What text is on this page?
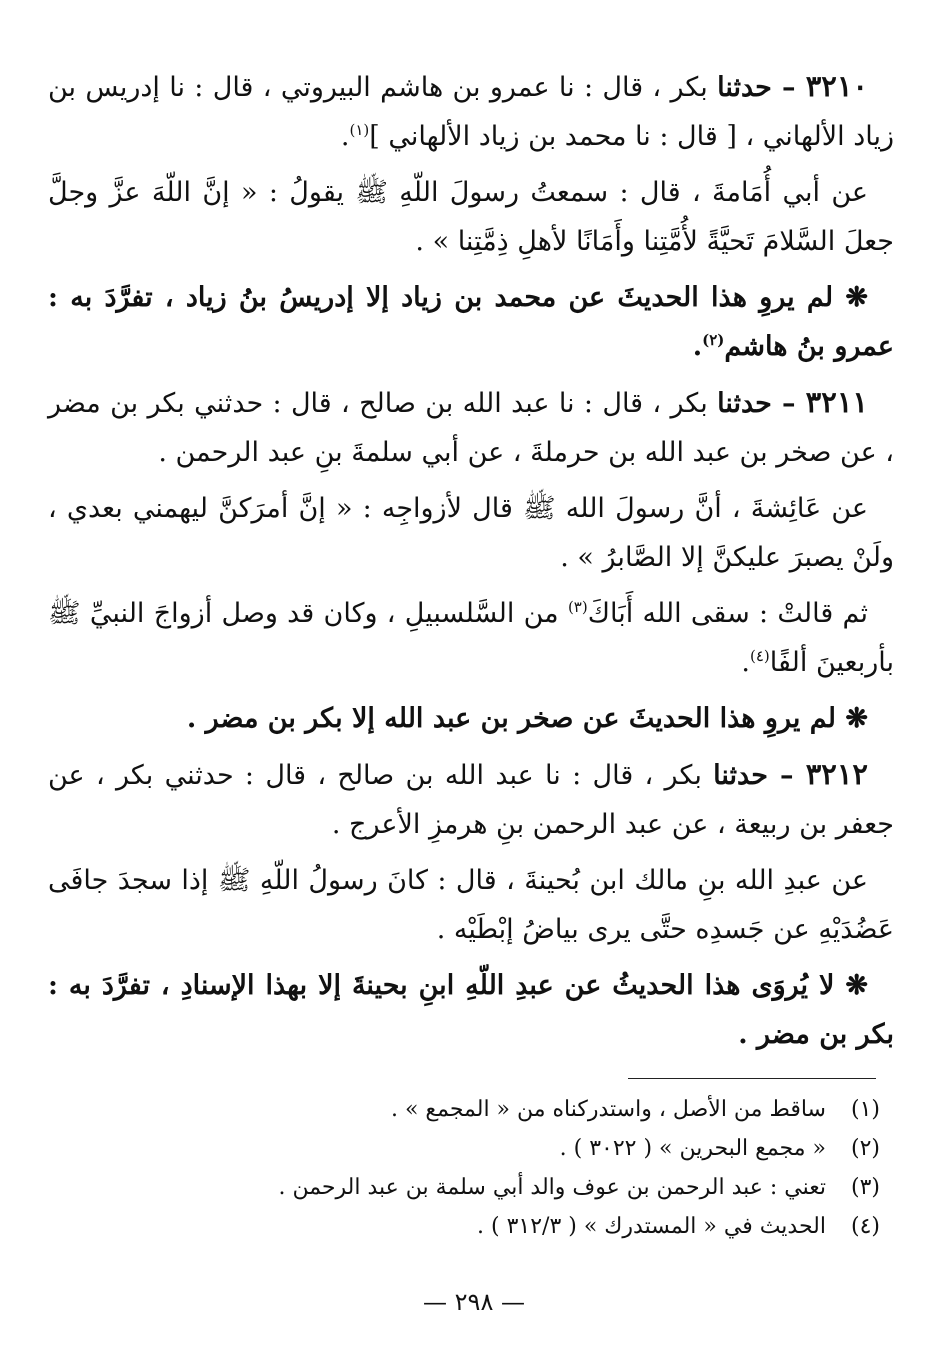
٣٢١٠ – حدثنا بكر ، قال : نا عمرو بن هاشم البيروتي ، قال : نا إدريس بن زياد الألهاني ، [ قال : نا محمد بن زياد الألهاني ]$^{(١)}$.

عن أبي أُمَامةَ ، قال : سمعتُ رسولَ اللّهِ ﷺ يقولُ : « إنَّ اللّهَ عزَّ وجلَّ جعلَ السَّلامَ تَحيَّةً لأُمَّتِنا وأَمَانًا لأهلِ ذِمَّتِنا » .

❋ لم يروِ هذا الحديثَ عن محمد بن زياد إلا إدريسُ بنُ زياد ، تفرَّدَ به : عمرو بنُ هاشم$^{(٢)}$.

٣٢١١ – حدثنا بكر ، قال : نا عبد الله بن صالح ، قال : حدثني بكر بن مضر ، عن صخر بن عبد الله بن حرملةَ ، عن أبي سلمةَ بنِ عبد الرحمن .

عن عَائِشةَ ، أنَّ رسولَ الله ﷺ قال لأزواجِه : « إنَّ أمرَكنَّ ليهمني بعدي ، ولَنْ يصبرَ عليكنَّ إلا الصَّابرُ » .

ثم قالتْ : سقى الله أَبَاكَ$^{(٣)}$ من السَّلسبيلِ ، وكان قد وصل أزواجَ النبيِّ ﷺ بأربعينَ ألفًا$^{(٤)}$.

❋ لم يروِ هذا الحديثَ عن صخر بن عبد الله إلا بكر بن مضر .

٣٢١٢ – حدثنا بكر ، قال : نا عبد الله بن صالح ، قال : حدثني بكر ، عن جعفر بن ربيعة ، عن عبد الرحمن بنِ هرمزِ الأعرج .

عن عبدِ الله بنِ مالك ابن بُحينةَ ، قال : كانَ رسولُ اللّهِ ﷺ إذا سجدَ جافَى عَضُدَيْهِ عن جَسدِه حتَّى يرى بياضُ إبْطَيْه .

❋ لا يُروَى هذا الحديثُ عن عبدِ اللّهِ ابنِ بحينةَ إلا بهذا الإسنادِ ، تفرَّدَ به : بكر بن مضر .

(١)ساقط من الأصل ، واستدركناه من « المجمع » .
(٢)« مجمع البحرين » ( ٣٠٢٢ ) .
(٣)تعني : عبد الرحمن بن عوف والد أبي سلمة بن عبد الرحمن .
(٤)الحديث في « المستدرك » ( ٣١٢/٣ ) .
— ٢٩٨ —
